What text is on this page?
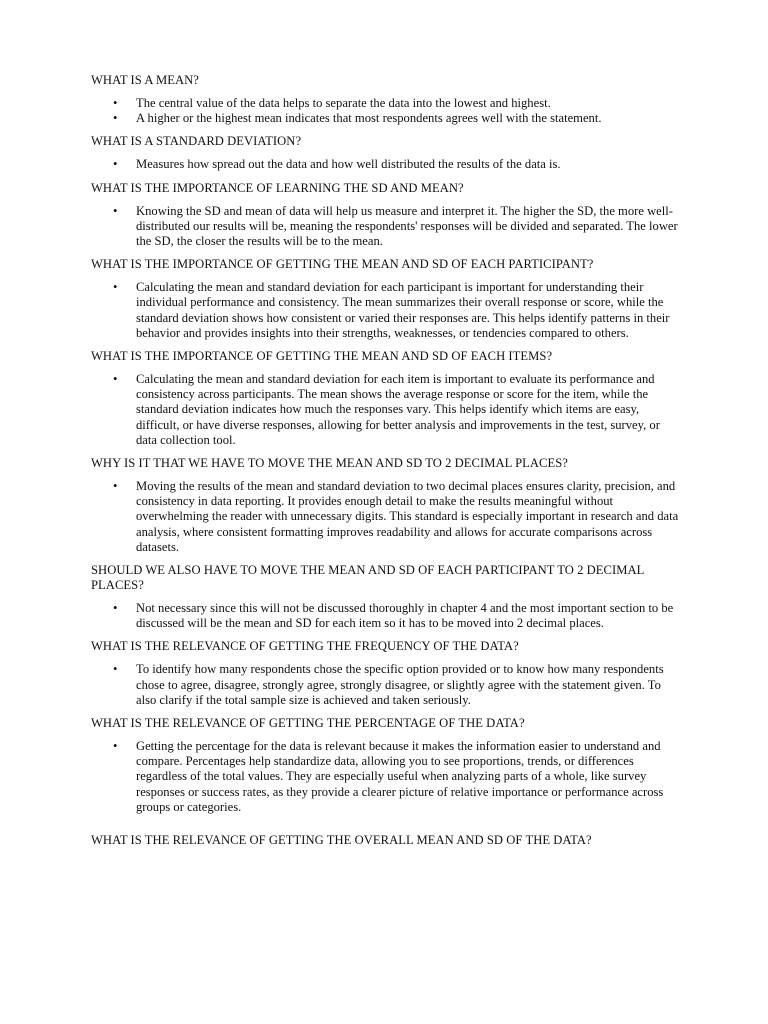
WHAT IS A MEAN?

• The central value of the data helps to separate the data into the lowest and highest.
• A higher or the highest mean indicates that most respondents agrees well with the statement.

WHAT IS A STANDARD DEVIATION?

• Measures how spread out the data and how well distributed the results of the data is.

WHAT IS THE IMPORTANCE OF LEARNING THE SD AND MEAN?

• Knowing the SD and mean of data will help us measure and interpret it. The higher the SD, the more well-distributed our results will be, meaning the respondents' responses will be divided and separated. The lower the SD, the closer the results will be to the mean.

WHAT IS THE IMPORTANCE OF GETTING THE MEAN AND SD OF EACH PARTICIPANT?

• Calculating the mean and standard deviation for each participant is important for understanding their individual performance and consistency. The mean summarizes their overall response or score, while the standard deviation shows how consistent or varied their responses are. This helps identify patterns in their behavior and provides insights into their strengths, weaknesses, or tendencies compared to others.

WHAT IS THE IMPORTANCE OF GETTING THE MEAN AND SD OF EACH ITEMS?

• Calculating the mean and standard deviation for each item is important to evaluate its performance and consistency across participants. The mean shows the average response or score for the item, while the standard deviation indicates how much the responses vary. This helps identify which items are easy, difficult, or have diverse responses, allowing for better analysis and improvements in the test, survey, or data collection tool.

WHY IS IT THAT WE HAVE TO MOVE THE MEAN AND SD TO 2 DECIMAL PLACES?

• Moving the results of the mean and standard deviation to two decimal places ensures clarity, precision, and consistency in data reporting. It provides enough detail to make the results meaningful without overwhelming the reader with unnecessary digits. This standard is especially important in research and data analysis, where consistent formatting improves readability and allows for accurate comparisons across datasets.

SHOULD WE ALSO HAVE TO MOVE THE MEAN AND SD OF EACH PARTICIPANT TO 2 DECIMAL PLACES?

• Not necessary since this will not be discussed thoroughly in chapter 4 and the most important section to be discussed will be the mean and SD for each item so it has to be moved into 2 decimal places.

WHAT IS THE RELEVANCE OF GETTING THE FREQUENCY OF THE DATA?

• To identify how many respondents chose the specific option provided or to know how many respondents chose to agree, disagree, strongly agree, strongly disagree, or slightly agree with the statement given. To also clarify if the total sample size is achieved and taken seriously.

WHAT IS THE RELEVANCE OF GETTING THE PERCENTAGE OF THE DATA?

• Getting the percentage for the data is relevant because it makes the information easier to understand and compare. Percentages help standardize data, allowing you to see proportions, trends, or differences regardless of the total values. They are especially useful when analyzing parts of a whole, like survey responses or success rates, as they provide a clearer picture of relative importance or performance across groups or categories.

WHAT IS THE RELEVANCE OF GETTING THE OVERALL MEAN AND SD OF THE DATA?
